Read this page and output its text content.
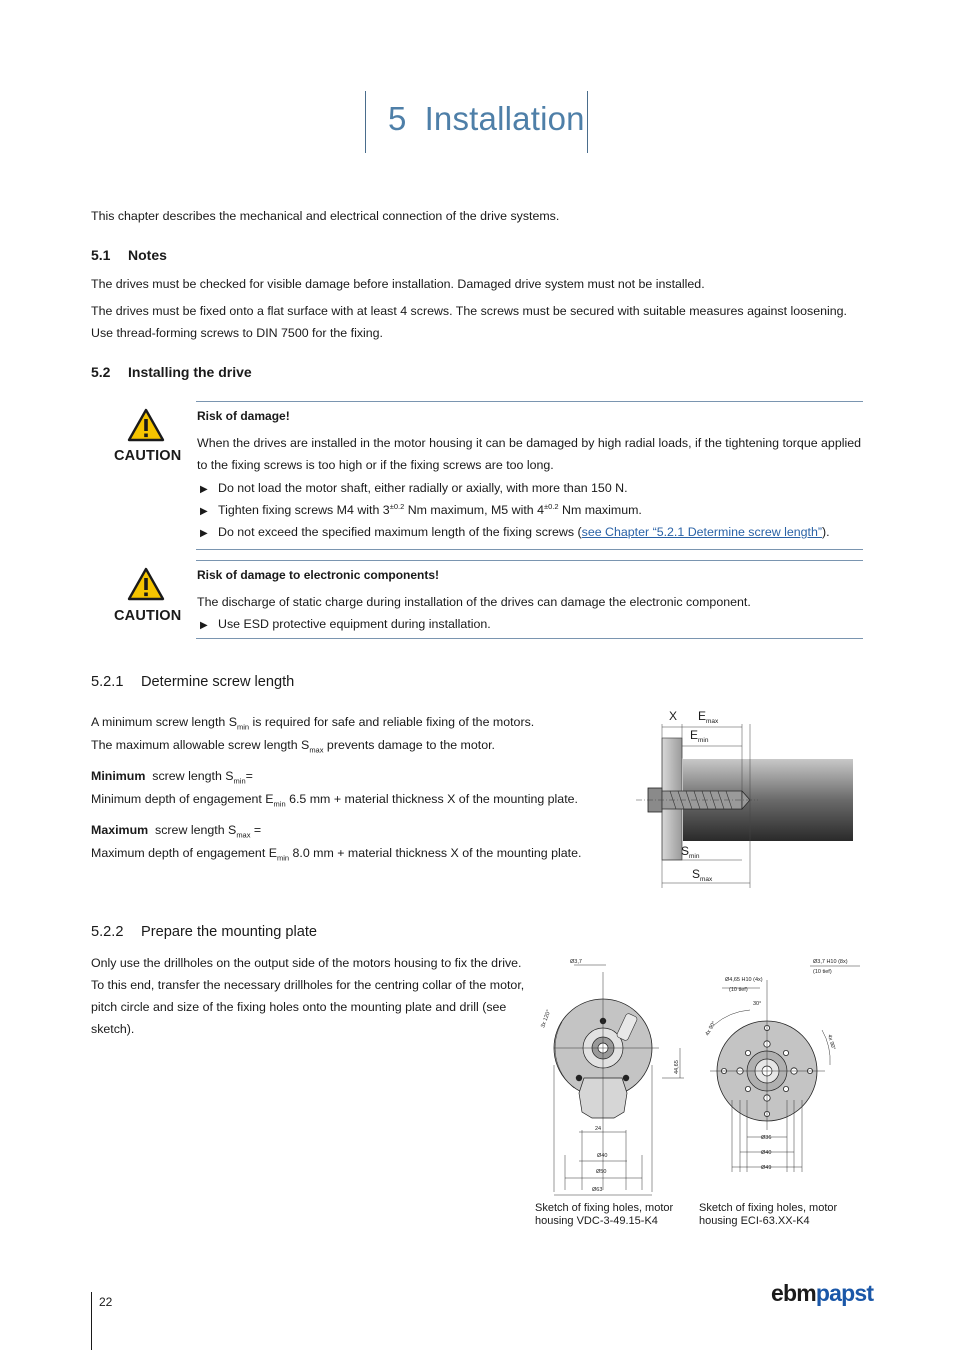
5 Installation

This chapter describes the mechanical and electrical connection of the drive systems.

5.1 Notes

The drives must be checked for visible damage before installation. Damaged drive system must not be installed.

The drives must be fixed onto a flat surface with at least 4 screws. The screws must be secured with suitable measures against loosening.

Use thread-forming screws to DIN 7500 for the fixing.

5.2 Installing the drive
CAUTION
Risk of damage!

When the drives are installed in the motor housing it can be damaged by high radial loads, if the tightening torque applied

to the fixing screws is too high or if the fixing screws are too long.

▶ Do not load the motor shaft, either radially or axially, with more than 150 N.
▶ Tighten fixing screws M4 with $3^{\pm 0.2}$ Nm maximum, M5 with $4^{\pm 0.2}$ Nm maximum.
▶ Do not exceed the specified maximum length of the fixing screws (see Chapter “5.2.1 Determine screw length”).
CAUTION
Risk of damage to electronic components!

The discharge of static charge during installation of the drives can damage the electronic component.

▶ Use ESD protective equipment during installation.
5.2.1 Determine screw length

A minimum screw length $S_{min}$ is required for safe and reliable fixing of the motors.

The maximum allowable screw length $S_{max}$ prevents damage to the motor.

Minimum  screw length $S_{min}=$

Minimum depth of engagement $E_{min}$ 6.5 mm + material thickness X of the mounting plate.

Maximum  screw length $S_{max}$ =

Maximum depth of engagement $E_{min}$ 8.0 mm + material thickness X of the mounting plate.

X E max
E min
S min
S max
5.2.2 Prepare the mounting plate

Only use the drillholes on the output side of the motors housing to fix the drive.

To this end, transfer the necessary drillholes for the centring collar of the motor,

pitch circle and size of the fixing holes onto the mounting plate and drill (see

sketch).

Ø3,7
3x 120°
44,65
24
Ø40
Ø50
Ø63
Ø3,7 H10 (8x)
(10 tief)
Ø4,65 H10 (4x)
(10 tief)
30°
4x 90°
4x 90°
Ø36
Ø40
Ø49
Sketch of fixing holes, motor
housing VDC-3-49.15-K4
Sketch of fixing holes, motor
housing ECI-63.XX-K4
22	ebmpapst
